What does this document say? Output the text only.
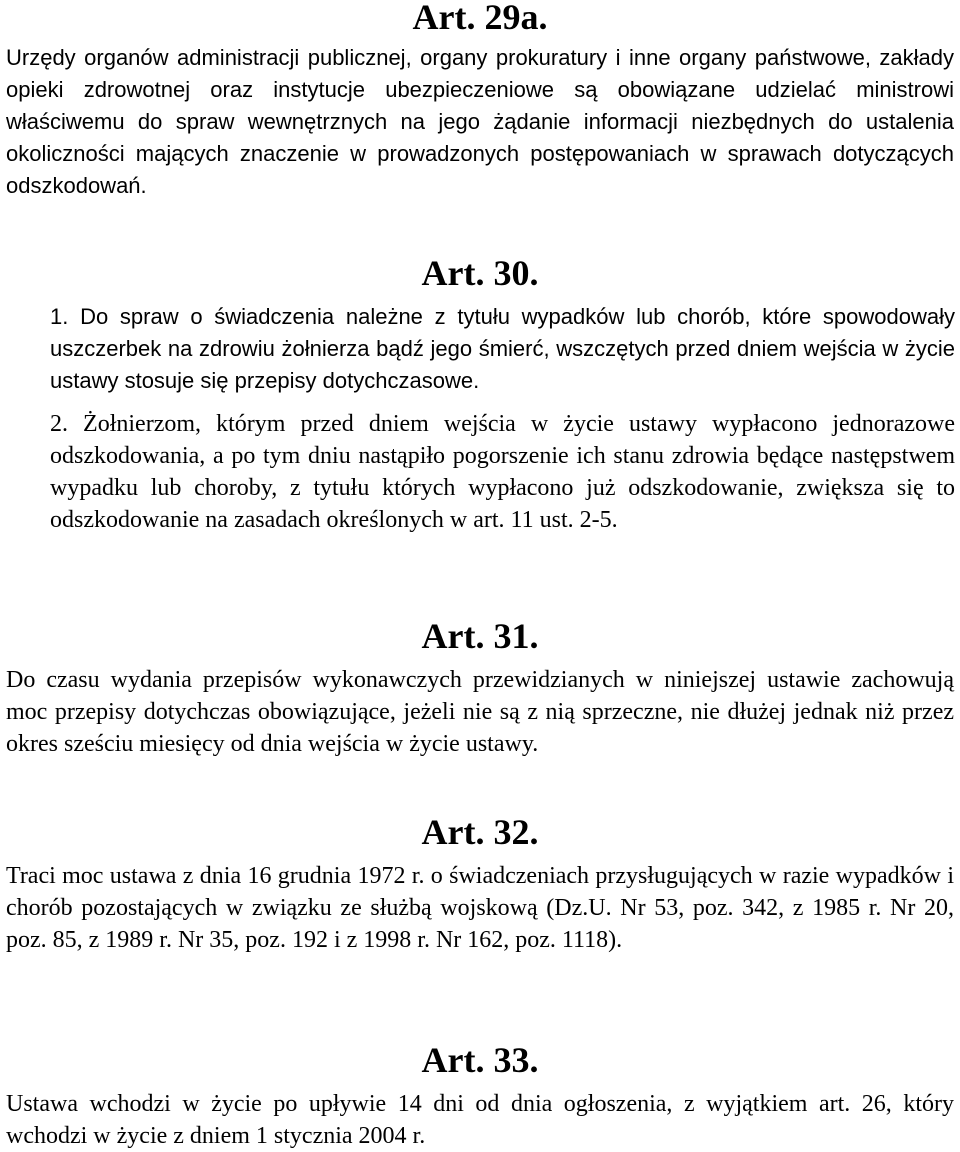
Art. 29a.

Urzędy organów administracji publicznej, organy prokuratury i inne organy państwowe, zakłady opieki zdrowotnej oraz instytucje ubezpieczeniowe są obowiązane udzielać ministrowi właściwemu do spraw wewnętrznych na jego żądanie informacji niezbędnych do ustalenia okoliczności mających znaczenie w prowadzonych postępowaniach w sprawach dotyczących odszkodowań.

Art. 30.

1. Do spraw o świadczenia należne z tytułu wypadków lub chorób, które spowodowały uszczerbek na zdrowiu żołnierza bądź jego śmierć, wszczętych przed dniem wejścia w życie ustawy stosuje się przepisy dotychczasowe.

2. Żołnierzom, którym przed dniem wejścia w życie ustawy wypłacono jednorazowe odszkodowania, a po tym dniu nastąpiło pogorszenie ich stanu zdrowia będące następstwem wypadku lub choroby, z tytułu których wypłacono już odszkodowanie, zwiększa się to odszkodowanie na zasadach określonych w art. 11 ust. 2-5.

Art. 31.

Do czasu wydania przepisów wykonawczych przewidzianych w niniejszej ustawie zachowują moc przepisy dotychczas obowiązujące, jeżeli nie są z nią sprzeczne, nie dłużej jednak niż przez okres sześciu miesięcy od dnia wejścia w życie ustawy.

Art. 32.

Traci moc ustawa z dnia 16 grudnia 1972 r. o świadczeniach przysługujących w razie wypadków i chorób pozostających w związku ze służbą wojskową (Dz.U. Nr 53, poz. 342, z 1985 r. Nr 20, poz. 85, z 1989 r. Nr 35, poz. 192 i z 1998 r. Nr 162, poz. 1118).

Art. 33.

Ustawa wchodzi w życie po upływie 14 dni od dnia ogłoszenia, z wyjątkiem art. 26, który wchodzi w życie z dniem 1 stycznia 2004 r.
